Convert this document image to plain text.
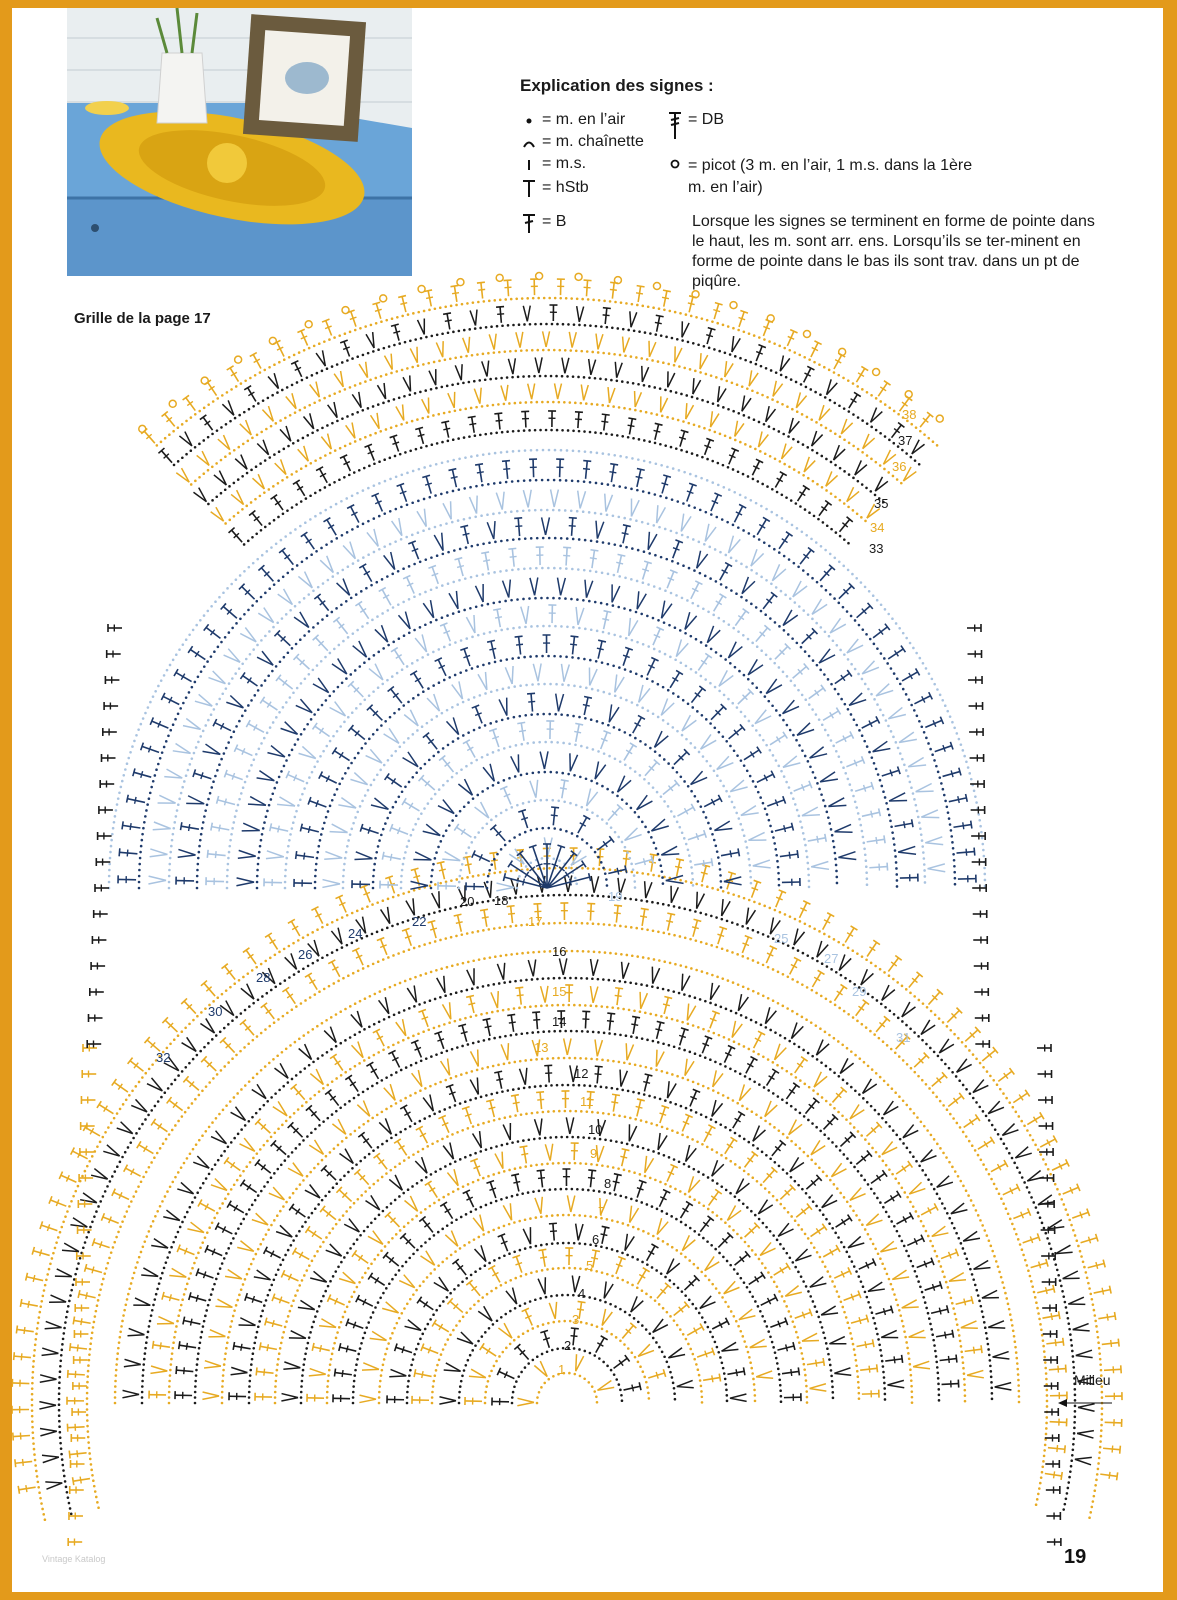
Explication des signes :
= m. en l’air
= m. chaînette
= m.s.
= hStb
= B
= DB
= picot (3 m. en l’air, 1 m.s. dans la 1ère
m. en l’air)
Lorsque les signes se terminent en forme de pointe dans le haut, les m. sont arr. ens. Lorsqu’ils se ter-minent en forme de pointe dans le bas ils sont trav. dans un pt de piqûre.
Grille de la page 17
1
2
3
4
5
6
7
8
9
10
11
12
13
14
15
16
17
18	19
20
22
24	25
26	27
28
29
30
31
32
33
34
35
36
37
38
Milieu
19
Vintage Katalog
